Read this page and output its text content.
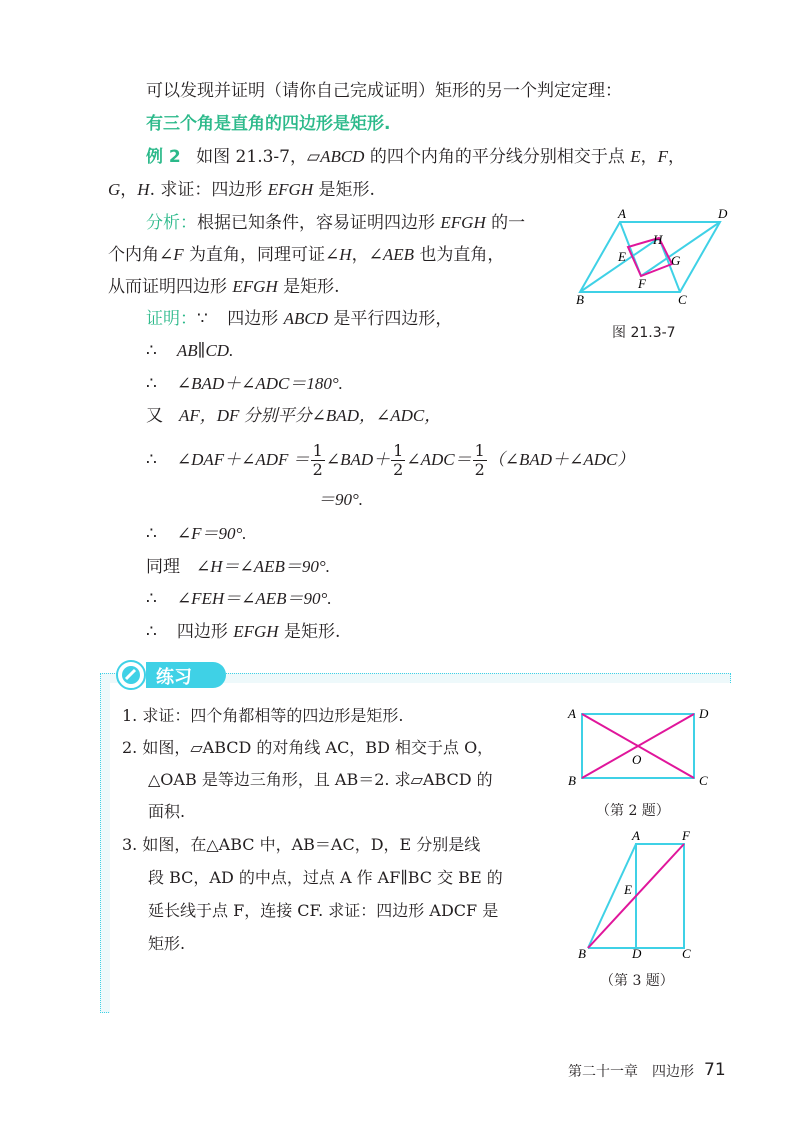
可以发现并证明（请你自己完成证明）矩形的另一个判定定理：
有三个角是直角的四边形是矩形.
例 2 如图 21.3-7，▱ABCD 的四个内角的平分线分别相交于点 E，F，
G，H. 求证：四边形 EFGH 是矩形.
分析：根据已知条件，容易证明四边形 EFGH 的一
个内角∠F 为直角，同理可证∠H，∠AEB 也为直角，
从而证明四边形 EFGH 是矩形.
证明：∵ 四边形 ABCD 是平行四边形，
∴ AB∥CD.
∴ ∠BAD＋∠ADC＝180°.
又 AF，DF 分别平分∠BAD，∠ADC，
∴ ∠DAF＋∠ADF ＝ $\frac{1}{2}$ ∠BAD＋ $\frac{1}{2}$ ∠ADC＝ $\frac{1}{2}$ （∠BAD＋∠ADC）
＝90°.
∴ ∠F＝90°.
同理 ∠H＝∠AEB＝90°.
∴ ∠FEH＝∠AEB＝90°.
∴ 四边形 EFGH 是矩形.
A	D
B	C
E
F
G
H
图 21.3-7
练习
1. 求证：四个角都相等的四边形是矩形.
2. 如图，▱ABCD 的对角线 AC，BD 相交于点 O，
△OAB 是等边三角形，且 AB＝2. 求▱ABCD 的
面积.
3. 如图，在△ABC 中，AB＝AC，D，E 分别是线
段 BC，AD 的中点，过点 A 作 AF∥BC 交 BE 的
延长线于点 F，连接 CF. 求证：四边形 ADCF 是
矩形.
A	D
B	C
O
（第 2 题）
A	F
B	D	C
E
（第 3 题）
第二十一章　四边形 71
